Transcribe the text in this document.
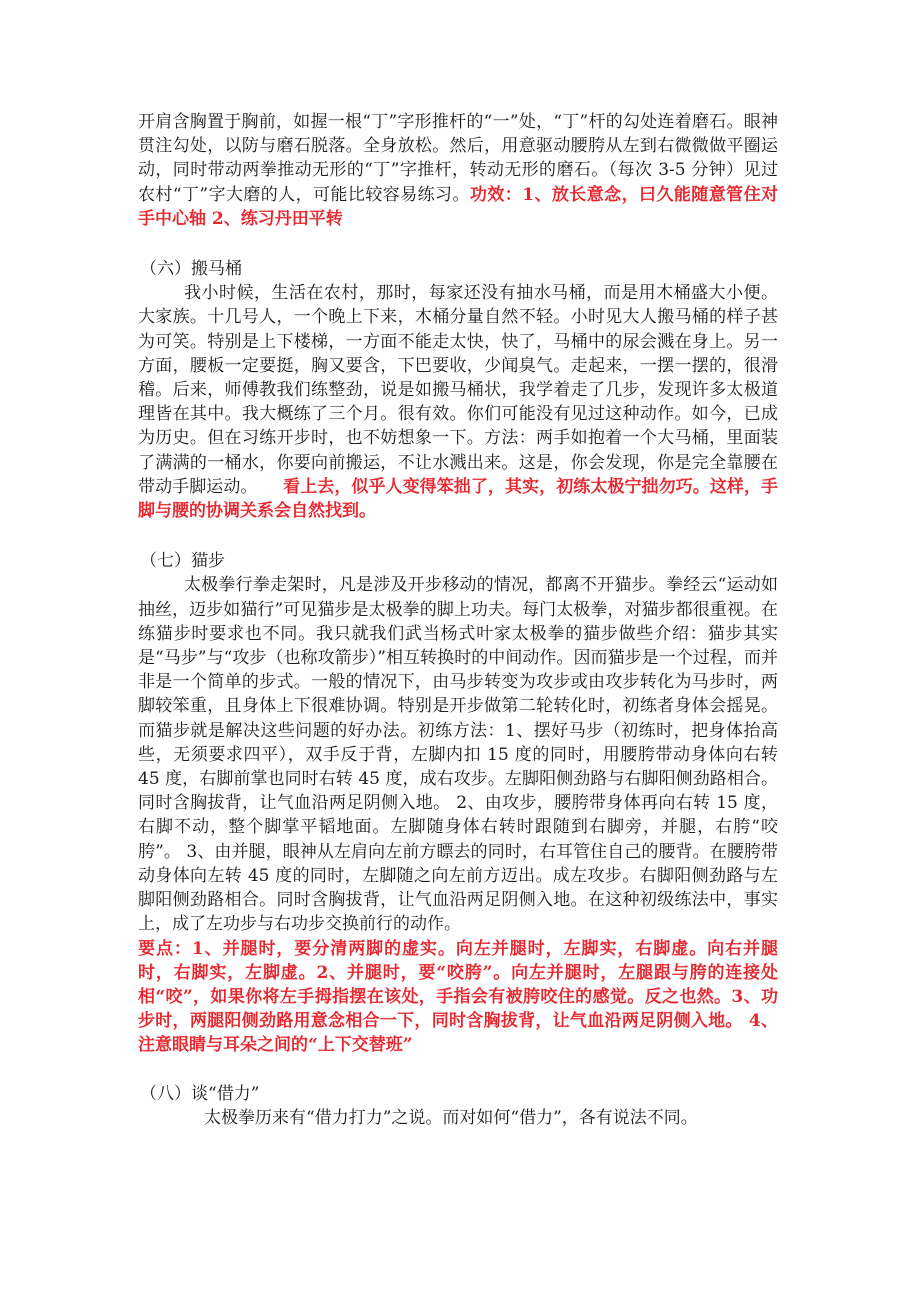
开肩含胸置于胸前，如握一根“丁”字形推杆的“一”处，“丁”杆的勾处连着磨石。眼神贯注勾处，以防与磨石脱落。全身放松。然后，用意驱动腰胯从左到右微微做平圈运动，同时带动两拳推动无形的“丁”字推杆，转动无形的磨石。（每次 3-5 分钟）见过农村“丁”字大磨的人，可能比较容易练习。功效：1、放长意念，曰久能随意管住对手中心轴 2、练习丹田平转

（六）搬马桶

我小时候，生活在农村，那时，每家还没有抽水马桶，而是用木桶盛大小便。大家族。十几号人，一个晚上下来，木桶分量自然不轻。小时见大人搬马桶的样子甚为可笑。特别是上下楼梯，一方面不能走太快，快了，马桶中的尿会溅在身上。另一方面，腰板一定要挺，胸又要含，下巴要收，少闻臭气。走起来，一摆一摆的，很滑稽。后来，师傅教我们练整劲，说是如搬马桶状，我学着走了几步，发现许多太极道理皆在其中。我大概练了三个月。很有效。你们可能没有见过这种动作。如今，已成为历史。但在习练开步时，也不妨想象一下。方法：两手如抱着一个大马桶，里面装了满满的一桶水，你要向前搬运，不让水溅出来。这是，你会发现，你是完全靠腰在带动手脚运动。　　 看上去，似乎人变得笨拙了，其实，初练太极宁拙勿巧。这样，手脚与腰的协调关系会自然找到。

（七）猫步

太极拳行拳走架时，凡是涉及开步移动的情况，都离不开猫步。拳经云“运动如抽丝，迈步如猫行”可见猫步是太极拳的脚上功夫。每门太极拳，对猫步都很重视。在练猫步时要求也不同。我只就我们武当杨式叶家太极拳的猫步做些介绍：猫步其实是“马步”与“攻步（也称攻箭步）”相互转换时的中间动作。因而猫步是一个过程，而并非是一个简单的步式。一般的情况下，由马步转变为攻步或由攻步转化为马步时，两脚较笨重，且身体上下很难协调。特别是开步做第二轮转化时，初练者身体会摇晃。而猫步就是解决这些问题的好办法。初练方法：1、摆好马步（初练时，把身体抬高些，无须要求四平），双手反于背，左脚内扣 15 度的同时，用腰胯带动身体向右转 45 度，右脚前掌也同时右转 45 度，成右攻步。左脚阳侧劲路与右脚阳侧劲路相合。同时含胸拔背，让气血沿两足阴侧入地。 2、由攻步，腰胯带身体再向右转 15 度，右脚不动，整个脚掌平韬地面。左脚随身体右转时跟随到右脚旁，并腿，右胯“咬胯”。 3、由并腿，眼神从左肩向左前方瞟去的同时，右耳管住自己的腰背。在腰胯带动身体向左转 45 度的同时，左脚随之向左前方迈出。成左攻步。右脚阳侧劲路与左脚阳侧劲路相合。同时含胸拔背，让气血沿两足阴侧入地。在这种初级练法中，事实上，成了左功步与右功步交换前行的动作。

要点：1、并腿时，要分清两脚的虚实。向左并腿时，左脚实，右脚虚。向右并腿时，右脚实，左脚虚。2、并腿时，要“咬胯”。向左并腿时，左腿跟与胯的连接处相“咬”，如果你将左手拇指摆在该处，手指会有被胯咬住的感觉。反之也然。3、功步时，两腿阳侧劲路用意念相合一下，同时含胸拔背，让气血沿两足阴侧入地。 4、注意眼睛与耳朵之间的“上下交替班”

（八）谈“借力”

太极拳历来有“借力打力”之说。而对如何“借力”，各有说法不同。
